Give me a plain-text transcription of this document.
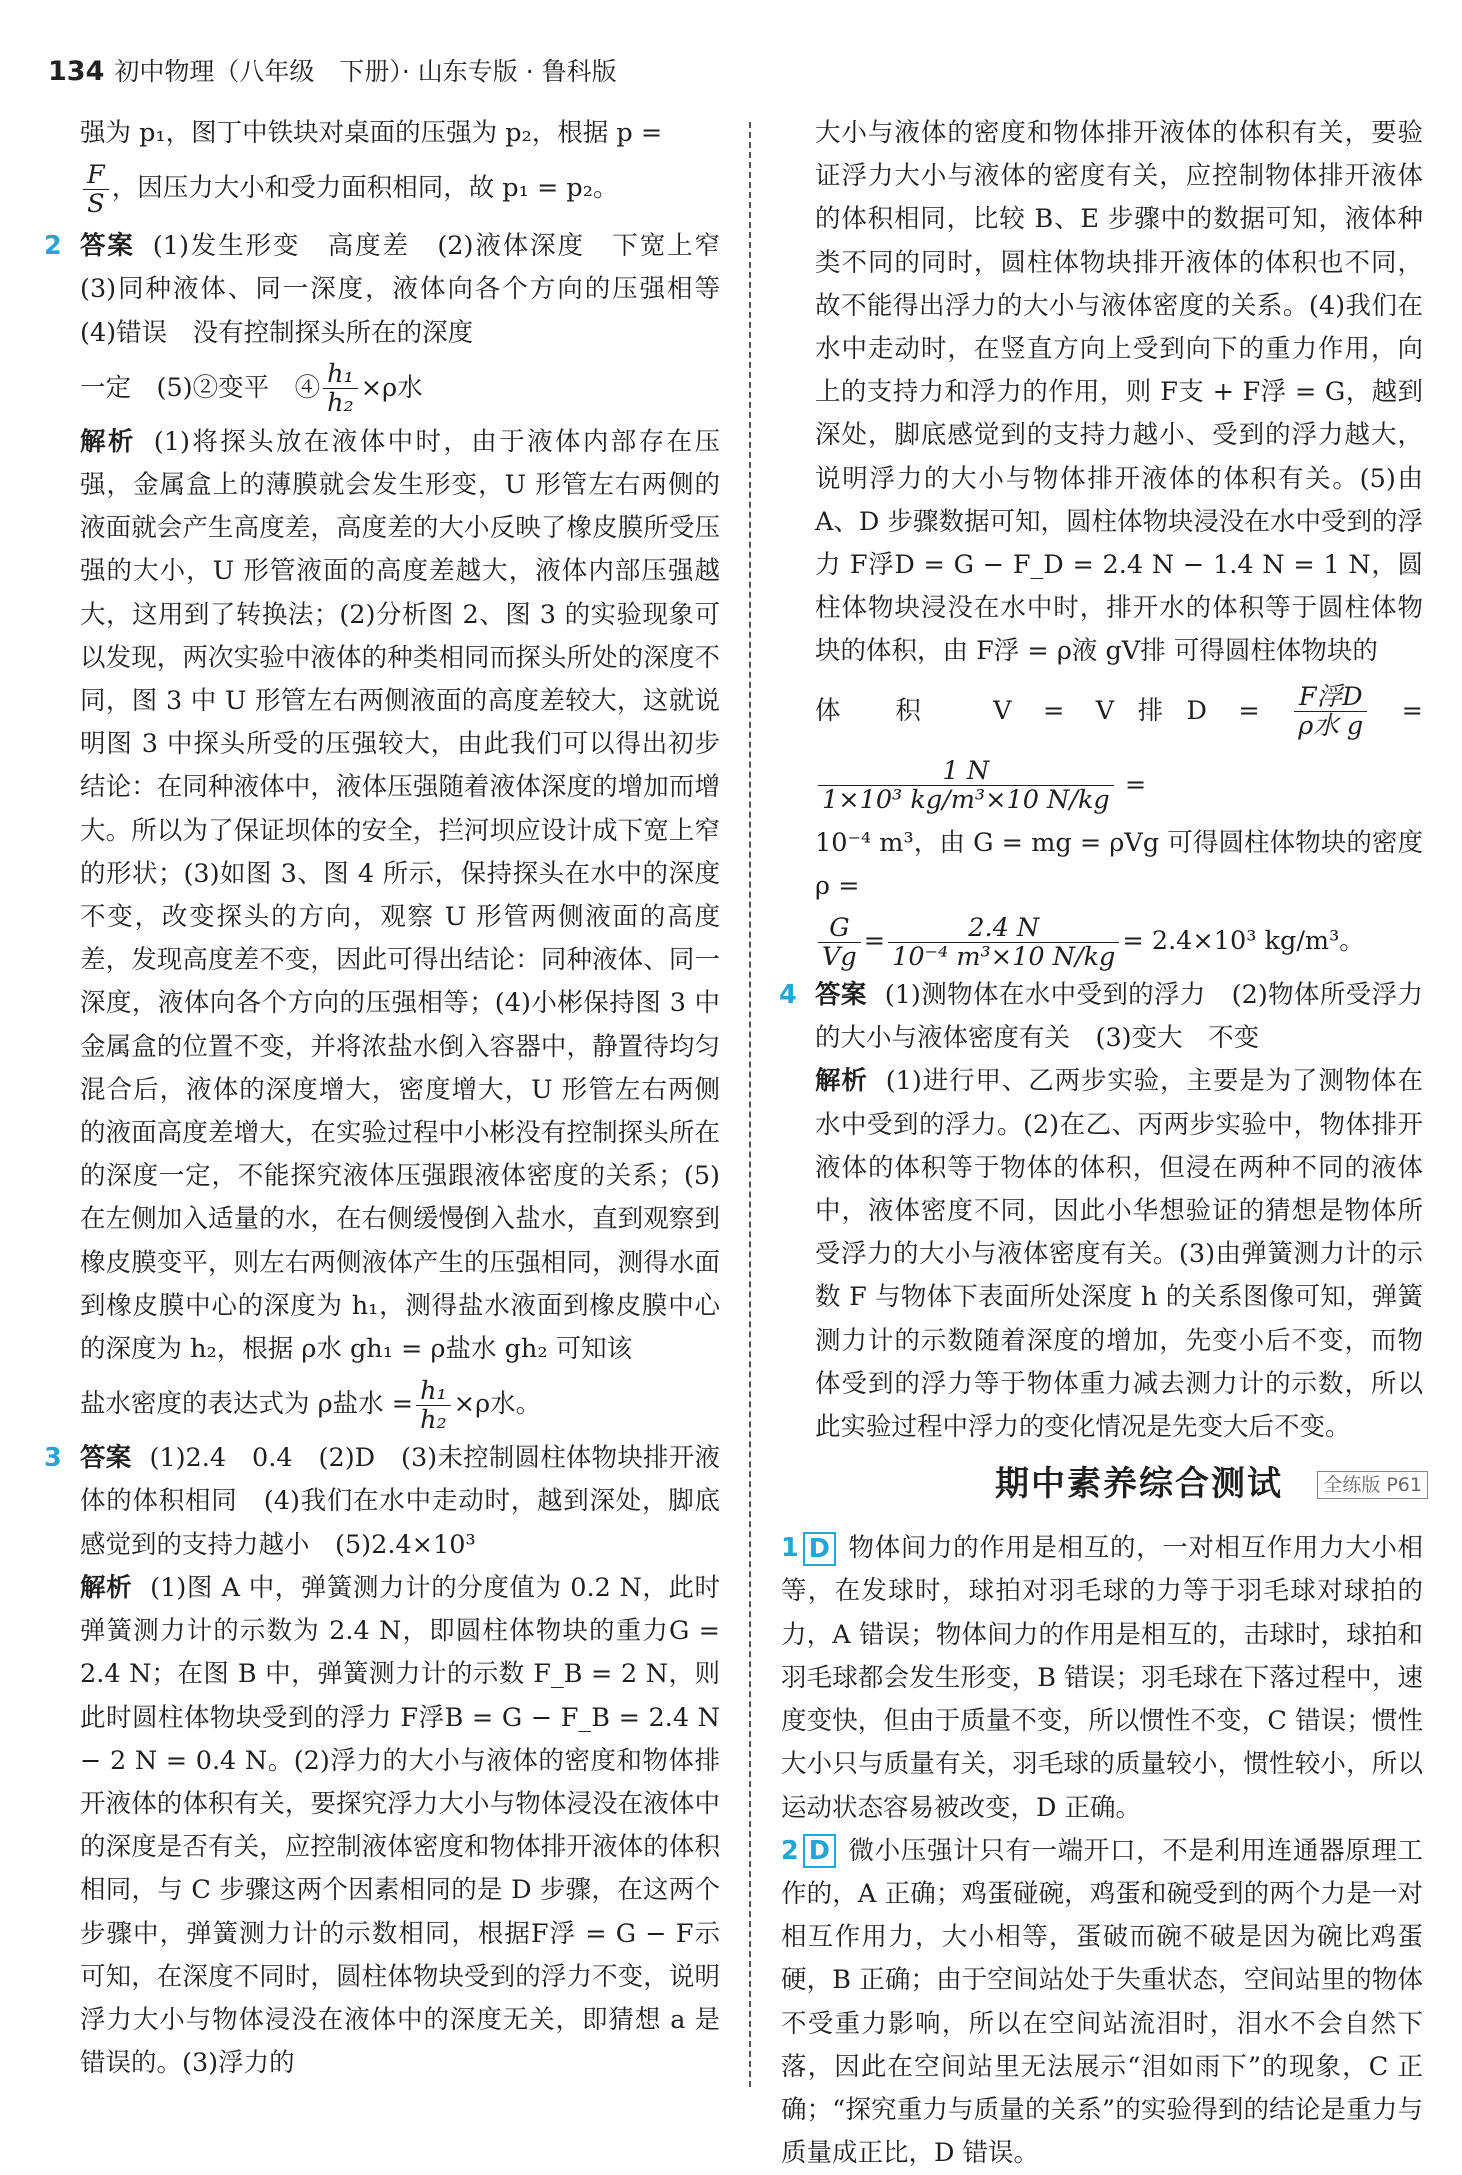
134 初中物理（八年级　下册）· 山东专版 · 鲁科版

强为 p₁，图丁中铁块对桌面的压强为 p₂，根据 p =

$\frac{F}{S}$ ，因压力大小和受力面积相同，故 p₁ = p₂。

2 答案 (1)发生形变　高度差　(2)液体深度　下宽上窄　(3)同种液体、同一深度，液体向各个方向的压强相等　(4)错误　没有控制探头所在的深度

一定　(5)②变平　④ $\frac{\text{h₁}}{\text{h₂}} \times\rho$水

解析 (1)将探头放在液体中时，由于液体内部存在压强，金属盒上的薄膜就会发生形变，U 形管左右两侧的液面就会产生高度差，高度差的大小反映了橡皮膜所受压强的大小，U 形管液面的高度差越大，液体内部压强越大，这用到了转换法；(2)分析图 2、图 3 的实验现象可以发现，两次实验中液体的种类相同而探头所处的深度不同，图 3 中 U 形管左右两侧液面的高度差较大，这就说明图 3 中探头所受的压强较大，由此我们可以得出初步结论：在同种液体中，液体压强随着液体深度的增加而增大。所以为了保证坝体的安全，拦河坝应设计成下宽上窄的形状；(3)如图 3、图 4 所示，保持探头在水中的深度不变，改变探头的方向，观察 U 形管两侧液面的高度差，发现高度差不变，因此可得出结论：同种液体、同一深度，液体向各个方向的压强相等；(4)小彬保持图 3 中金属盒的位置不变，并将浓盐水倒入容器中，静置待均匀混合后，液体的深度增大，密度增大，U 形管左右两侧的液面高度差增大，在实验过程中小彬没有控制探头所在的深度一定，不能探究液体压强跟液体密度的关系；(5)在左侧加入适量的水，在右侧缓慢倒入盐水，直到观察到橡皮膜变平，则左右两侧液体产生的压强相同，测得水面到橡皮膜中心的深度为 h₁，测得盐水液面到橡皮膜中心的深度为 h₂，根据 ρ水 gh₁ = ρ盐水 gh₂ 可知该

盐水密度的表达式为 ρ盐水 = $\frac{\text{h₁}}{\text{h₂}} \times\rho$水。

3 答案 (1)2.4　0.4　(2)D　(3)未控制圆柱体物块排开液体的体积相同　(4)我们在水中走动时，越到深处，脚底感觉到的支持力越小　(5)2.4×10³

解析 (1)图 A 中，弹簧测力计的分度值为 0.2 N，此时弹簧测力计的示数为 2.4 N，即圆柱体物块的重力G = 2.4 N；在图 B 中，弹簧测力计的示数 F_B = 2 N，则此时圆柱体物块受到的浮力 F浮B = G − F_B = 2.4 N − 2 N = 0.4 N。(2)浮力的大小与液体的密度和物体排开液体的体积有关，要探究浮力大小与物体浸没在液体中的深度是否有关，应控制液体密度和物体排开液体的体积相同，与 C 步骤这两个因素相同的是 D 步骤，在这两个步骤中，弹簧测力计的示数相同，根据F浮 = G − F示 可知，在深度不同时，圆柱体物块受到的浮力不变，说明浮力大小与物体浸没在液体中的深度无关，即猜想 a 是错误的。(3)浮力的

大小与液体的密度和物体排开液体的体积有关，要验证浮力大小与液体的密度有关，应控制物体排开液体的体积相同，比较 B、E 步骤中的数据可知，液体种类不同的同时，圆柱体物块排开液体的体积也不同，故不能得出浮力的大小与液体密度的关系。(4)我们在水中走动时，在竖直方向上受到向下的重力作用，向上的支持力和浮力的作用，则 F支 + F浮 = G，越到深处，脚底感觉到的支持力越小、受到的浮力越大，说明浮力的大小与物体排开液体的体积有关。(5)由 A、D 步骤数据可知，圆柱体物块浸没在水中受到的浮力 F浮D = G − F_D = 2.4 N − 1.4 N = 1 N，圆柱体物块浸没在水中时，排开水的体积等于圆柱体物块的体积，由 F浮 = ρ液 gV排 可得圆柱体物块的

体 积　V = V排$D = \frac{\text{F浮D}}{\text{ρ水 g}}$ =
$\frac{1 N}{\text{1×10³ kg/m³×10 N/kg}}$ =

10⁻⁴ m³，由 G = mg = ρVg 可得圆柱体物块的密度 ρ =

$\frac{G}{Vg} = \frac{2.4 N}{\text{10⁻⁴ m³×10 N/kg}} = 2.4\times 10^3$ kg/m³。

4 答案 (1)测物体在水中受到的浮力　(2)物体所受浮力的大小与液体密度有关　(3)变大　不变

解析 (1)进行甲、乙两步实验，主要是为了测物体在水中受到的浮力。(2)在乙、丙两步实验中，物体排开液体的体积等于物体的体积，但浸在两种不同的液体中，液体密度不同，因此小华想验证的猜想是物体所受浮力的大小与液体密度有关。(3)由弹簧测力计的示数 F 与物体下表面所处深度 h 的关系图像可知，弹簧测力计的示数随着深度的增加，先变小后不变，而物体受到的浮力等于物体重力减去测力计的示数，所以此实验过程中浮力的变化情况是先变大后不变。

期中素养综合测试	全练版 P61

1 D 物体间力的作用是相互的，一对相互作用力大小相等，在发球时，球拍对羽毛球的力等于羽毛球对球拍的力，A 错误；物体间力的作用是相互的，击球时，球拍和羽毛球都会发生形变，B 错误；羽毛球在下落过程中，速度变快，但由于质量不变，所以惯性不变，C 错误；惯性大小只与质量有关，羽毛球的质量较小，惯性较小，所以运动状态容易被改变，D 正确。

2 D 微小压强计只有一端开口，不是利用连通器原理工作的，A 正确；鸡蛋碰碗，鸡蛋和碗受到的两个力是一对相互作用力，大小相等，蛋破而碗不破是因为碗比鸡蛋硬，B 正确；由于空间站处于失重状态，空间站里的物体不受重力影响，所以在空间站流泪时，泪水不会自然下落，因此在空间站里无法展示“泪如雨下”的现象，C 正确；“探究重力与质量的关系”的实验得到的结论是重力与质量成正比，D 错误。
